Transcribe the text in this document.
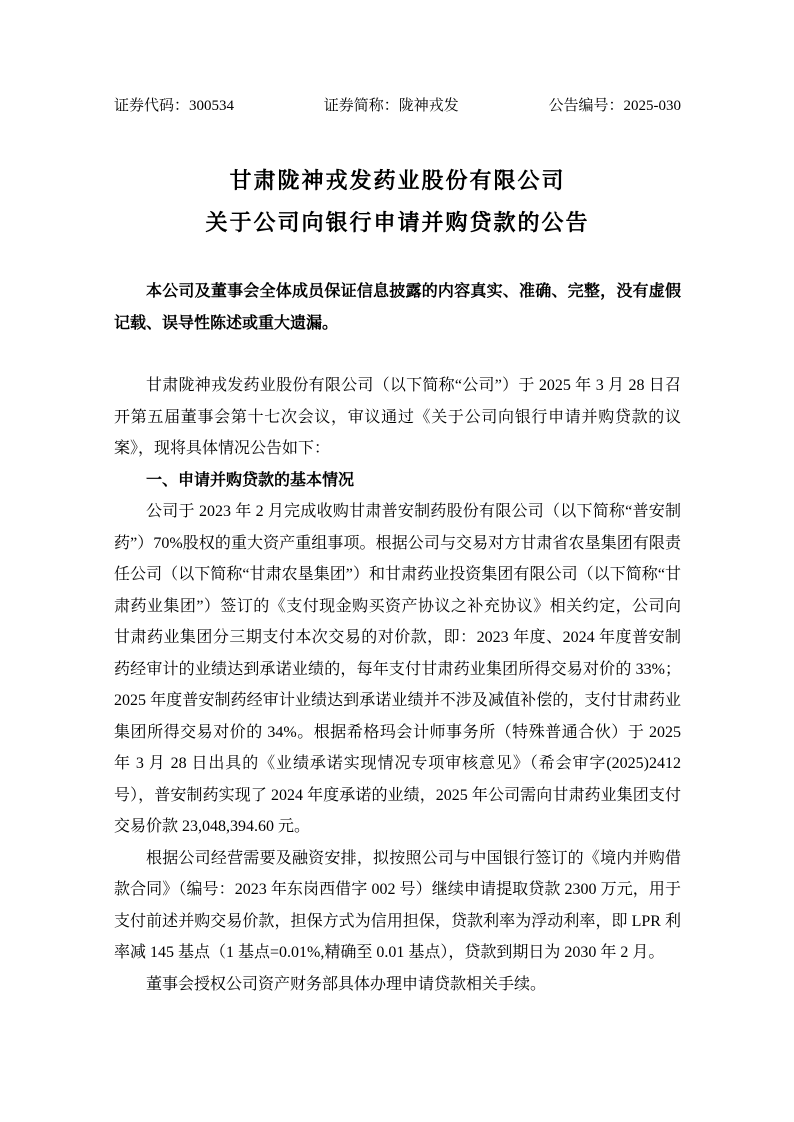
证券代码：300534	证券简称：陇神戎发	公告编号：2025-030
甘肃陇神戎发药业股份有限公司
关于公司向银行申请并购贷款的公告

本公司及董事会全体成员保证信息披露的内容真实、准确、完整，没有虚假记载、误导性陈述或重大遗漏。

甘肃陇神戎发药业股份有限公司（以下简称“公司”）于 2025 年 3 月 28 日召开第五届董事会第十七次会议，审议通过《关于公司向银行申请并购贷款的议案》，现将具体情况公告如下：

一、申请并购贷款的基本情况

公司于 2023 年 2 月完成收购甘肃普安制药股份有限公司（以下简称“普安制药”）70%股权的重大资产重组事项。根据公司与交易对方甘肃省农垦集团有限责任公司（以下简称“甘肃农垦集团”）和甘肃药业投资集团有限公司（以下简称“甘肃药业集团”）签订的《支付现金购买资产协议之补充协议》相关约定，公司向甘肃药业集团分三期支付本次交易的对价款，即：2023 年度、2024 年度普安制药经审计的业绩达到承诺业绩的，每年支付甘肃药业集团所得交易对价的 33%；2025 年度普安制药经审计业绩达到承诺业绩并不涉及减值补偿的，支付甘肃药业集团所得交易对价的 34%。根据希格玛会计师事务所（特殊普通合伙）于 2025 年 3 月 28 日出具的《业绩承诺实现情况专项审核意见》（希会审字(2025)2412 号），普安制药实现了 2024 年度承诺的业绩，2025 年公司需向甘肃药业集团支付交易价款 23,048,394.60 元。

根据公司经营需要及融资安排，拟按照公司与中国银行签订的《境内并购借款合同》（编号：2023 年东岗西借字 002 号）继续申请提取贷款 2300 万元，用于支付前述并购交易价款，担保方式为信用担保，贷款利率为浮动利率，即 LPR 利率减 145 基点（1 基点=0.01%,精确至 0.01 基点），贷款到期日为 2030 年 2 月。

董事会授权公司资产财务部具体办理申请贷款相关手续。
